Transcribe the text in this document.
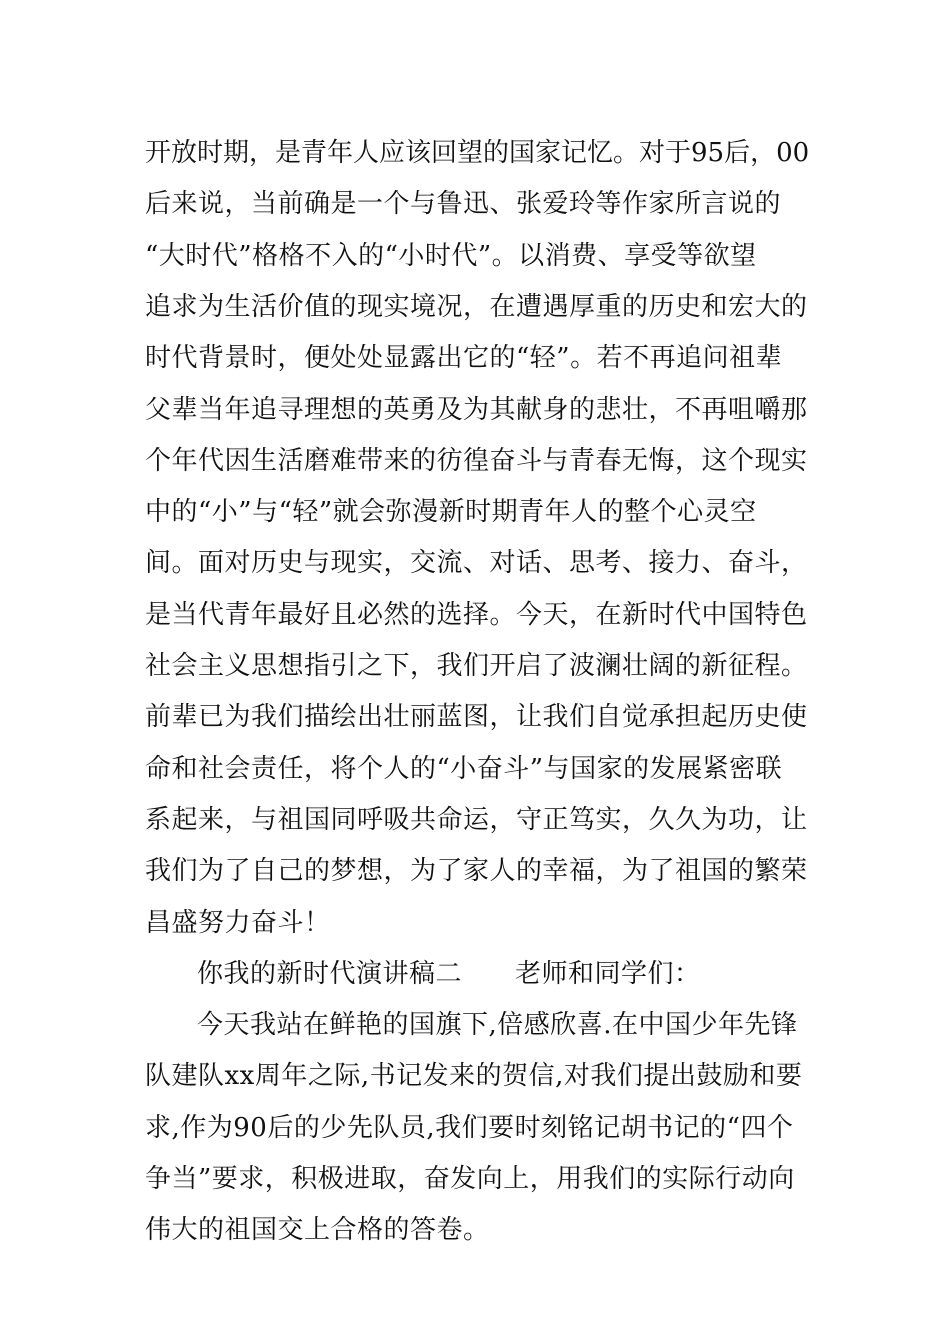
开放时期，是青年人应该回望的国家记忆。对于95后，00
后来说，当前确是一个与鲁迅、张爱玲等作家所言说的
“大时代”格格不入的“小时代”。以消费、享受等欲望
追求为生活价值的现实境况，在遭遇厚重的历史和宏大的
时代背景时，便处处显露出它的“轻”。若不再追问祖辈
父辈当年追寻理想的英勇及为其献身的悲壮，不再咀嚼那
个年代因生活磨难带来的彷徨奋斗与青春无悔，这个现实
中的“小”与“轻”就会弥漫新时期青年人的整个心灵空
间。面对历史与现实，交流、对话、思考、接力、奋斗，
是当代青年最好且必然的选择。今天，在新时代中国特色
社会主义思想指引之下，我们开启了波澜壮阔的新征程。
前辈已为我们描绘出壮丽蓝图，让我们自觉承担起历史使
命和社会责任，将个人的“小奋斗”与国家的发展紧密联
系起来，与祖国同呼吸共命运，守正笃实，久久为功，让
我们为了自己的梦想，为了家人的幸福，为了祖国的繁荣
昌盛努力奋斗！
你我的新时代演讲稿二　　老师和同学们：
今天我站在鲜艳的国旗下,倍感欣喜.在中国少年先锋
队建队xx周年之际,书记发来的贺信,对我们提出鼓励和要
求,作为90后的少先队员,我们要时刻铭记胡书记的“四个
争当”要求，积极进取，奋发向上，用我们的实际行动向
伟大的祖国交上合格的答卷。
